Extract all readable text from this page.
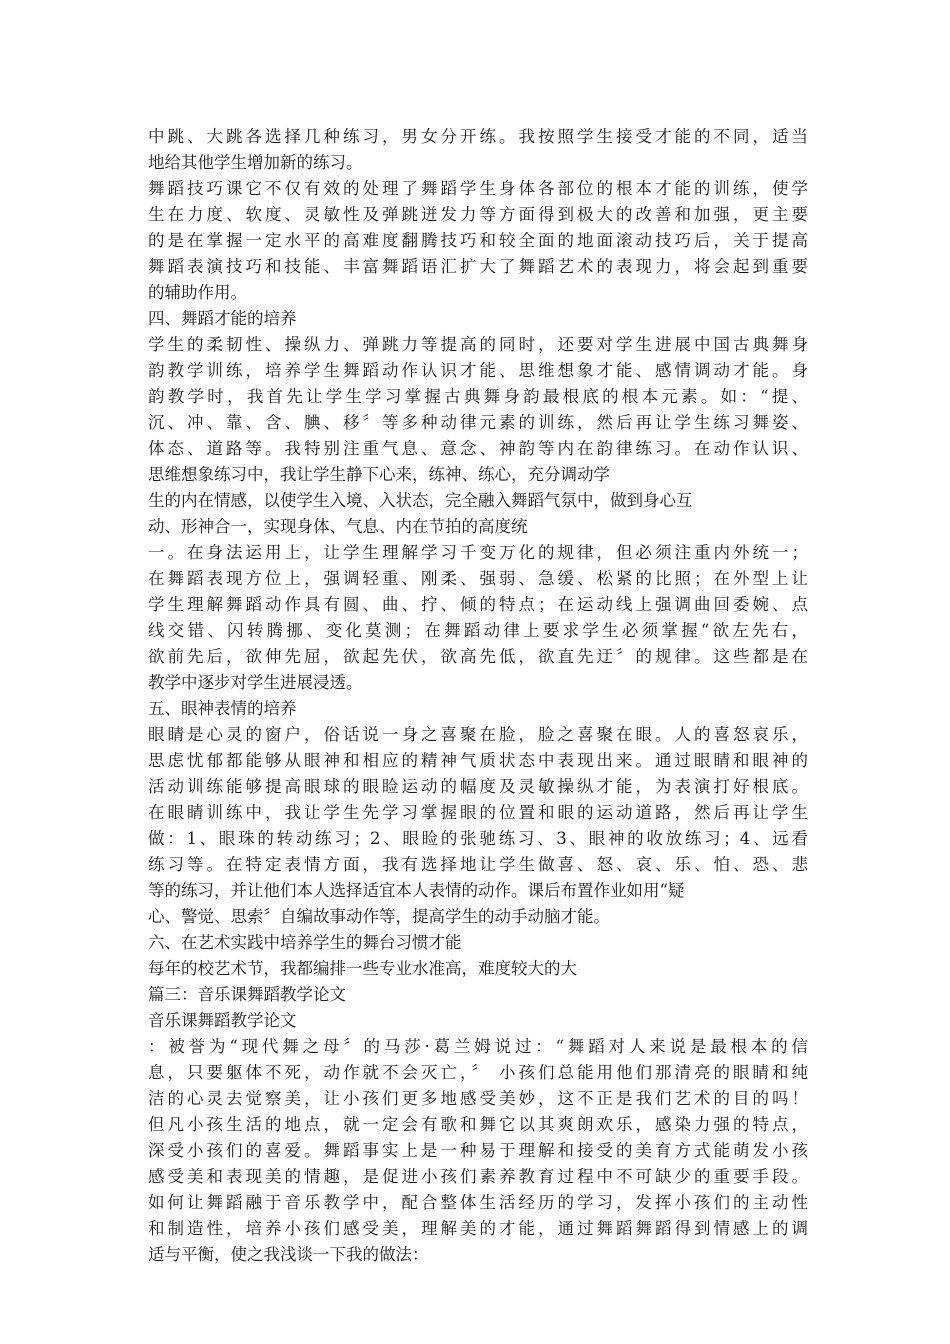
中跳、大跳各选择几种练习，男女分开练。我按照学生接受才能的不同，适当
地给其他学生增加新的练习。
舞蹈技巧课它不仅有效的处理了舞蹈学生身体各部位的根本才能的训练，使学
生在力度、软度、灵敏性及弹跳迸发力等方面得到极大的改善和加强，更主要
的是在掌握一定水平的高难度翻腾技巧和较全面的地面滚动技巧后，关于提高
舞蹈表演技巧和技能、丰富舞蹈语汇扩大了舞蹈艺术的表现力，将会起到重要
的辅助作用。
四、舞蹈才能的培养
学生的柔韧性、操纵力、弹跳力等提高的同时，还要对学生进展中国古典舞身
韵教学训练，培养学生舞蹈动作认识才能、思维想象才能、感情调动才能。身
韵教学时，我首先让学生学习掌握古典舞身韵最根底的根本元素。如：“提、
沉、冲、靠、含、腆、移〞等多种动律元素的训练，然后再让学生练习舞姿、
体态、道路等。我特别注重气息、意念、神韵等内在韵律练习。在动作认识、
思维想象练习中，我让学生静下心来，练神、练心，充分调动学
生的内在情感，以使学生入境、入状态，完全融入舞蹈气氛中，做到身心互
动、形神合一，实现身体、气息、内在节拍的高度统
一。在身法运用上，让学生理解学习千变万化的规律，但必须注重内外统一；
在舞蹈表现方位上，强调轻重、刚柔、强弱、急缓、松紧的比照；在外型上让
学生理解舞蹈动作具有圆、曲、拧、倾的特点；在运动线上强调曲回委婉、点
线交错、闪转腾挪、变化莫测；在舞蹈动律上要求学生必须掌握“欲左先右，
欲前先后，欲伸先屈，欲起先伏，欲高先低，欲直先迂〞的规律。这些都是在
教学中逐步对学生进展浸透。
五、眼神表情的培养
眼睛是心灵的窗户，俗话说一身之喜聚在脸，脸之喜聚在眼。人的喜怒哀乐，
思虑忧郁都能够从眼神和相应的精神气质状态中表现出来。通过眼睛和眼神的
活动训练能够提高眼球的眼睑运动的幅度及灵敏操纵才能，为表演打好根底。
在眼睛训练中，我让学生先学习掌握眼的位置和眼的运动道路，然后再让学生
做：1、眼珠的转动练习；2、眼睑的张驰练习、3、眼神的收放练习；4、远看
练习等。在特定表情方面，我有选择地让学生做喜、怒、哀、乐、怕、恐、悲
等的练习，并让他们本人选择适宜本人表情的动作。课后布置作业如用“疑
心、警觉、思索〞自编故事动作等，提高学生的动手动脑才能。
六、在艺术实践中培养学生的舞台习惯才能
每年的校艺术节，我都编排一些专业水准高，难度较大的大
篇三：音乐课舞蹈教学论文
音乐课舞蹈教学论文
：被誉为“现代舞之母〞的马莎·葛兰姆说过：“舞蹈对人来说是最根本的信
息，只要躯体不死，动作就不会灭亡，〞 小孩们总能用他们那清亮的眼睛和纯
洁的心灵去觉察美，让小孩们更多地感受美妙，这不正是我们艺术的目的吗！
但凡小孩生活的地点，就一定会有歌和舞它以其爽朗欢乐，感染力强的特点，
深受小孩们的喜爱。舞蹈事实上是一种易于理解和接受的美育方式能萌发小孩
感受美和表现美的情趣，是促进小孩们素养教育过程中不可缺少的重要手段。
如何让舞蹈融于音乐教学中，配合整体生活经历的学习，发挥小孩们的主动性
和制造性，培养小孩们感受美，理解美的才能，通过舞蹈舞蹈得到情感上的调
适与平衡，使之我浅谈一下我的做法：
